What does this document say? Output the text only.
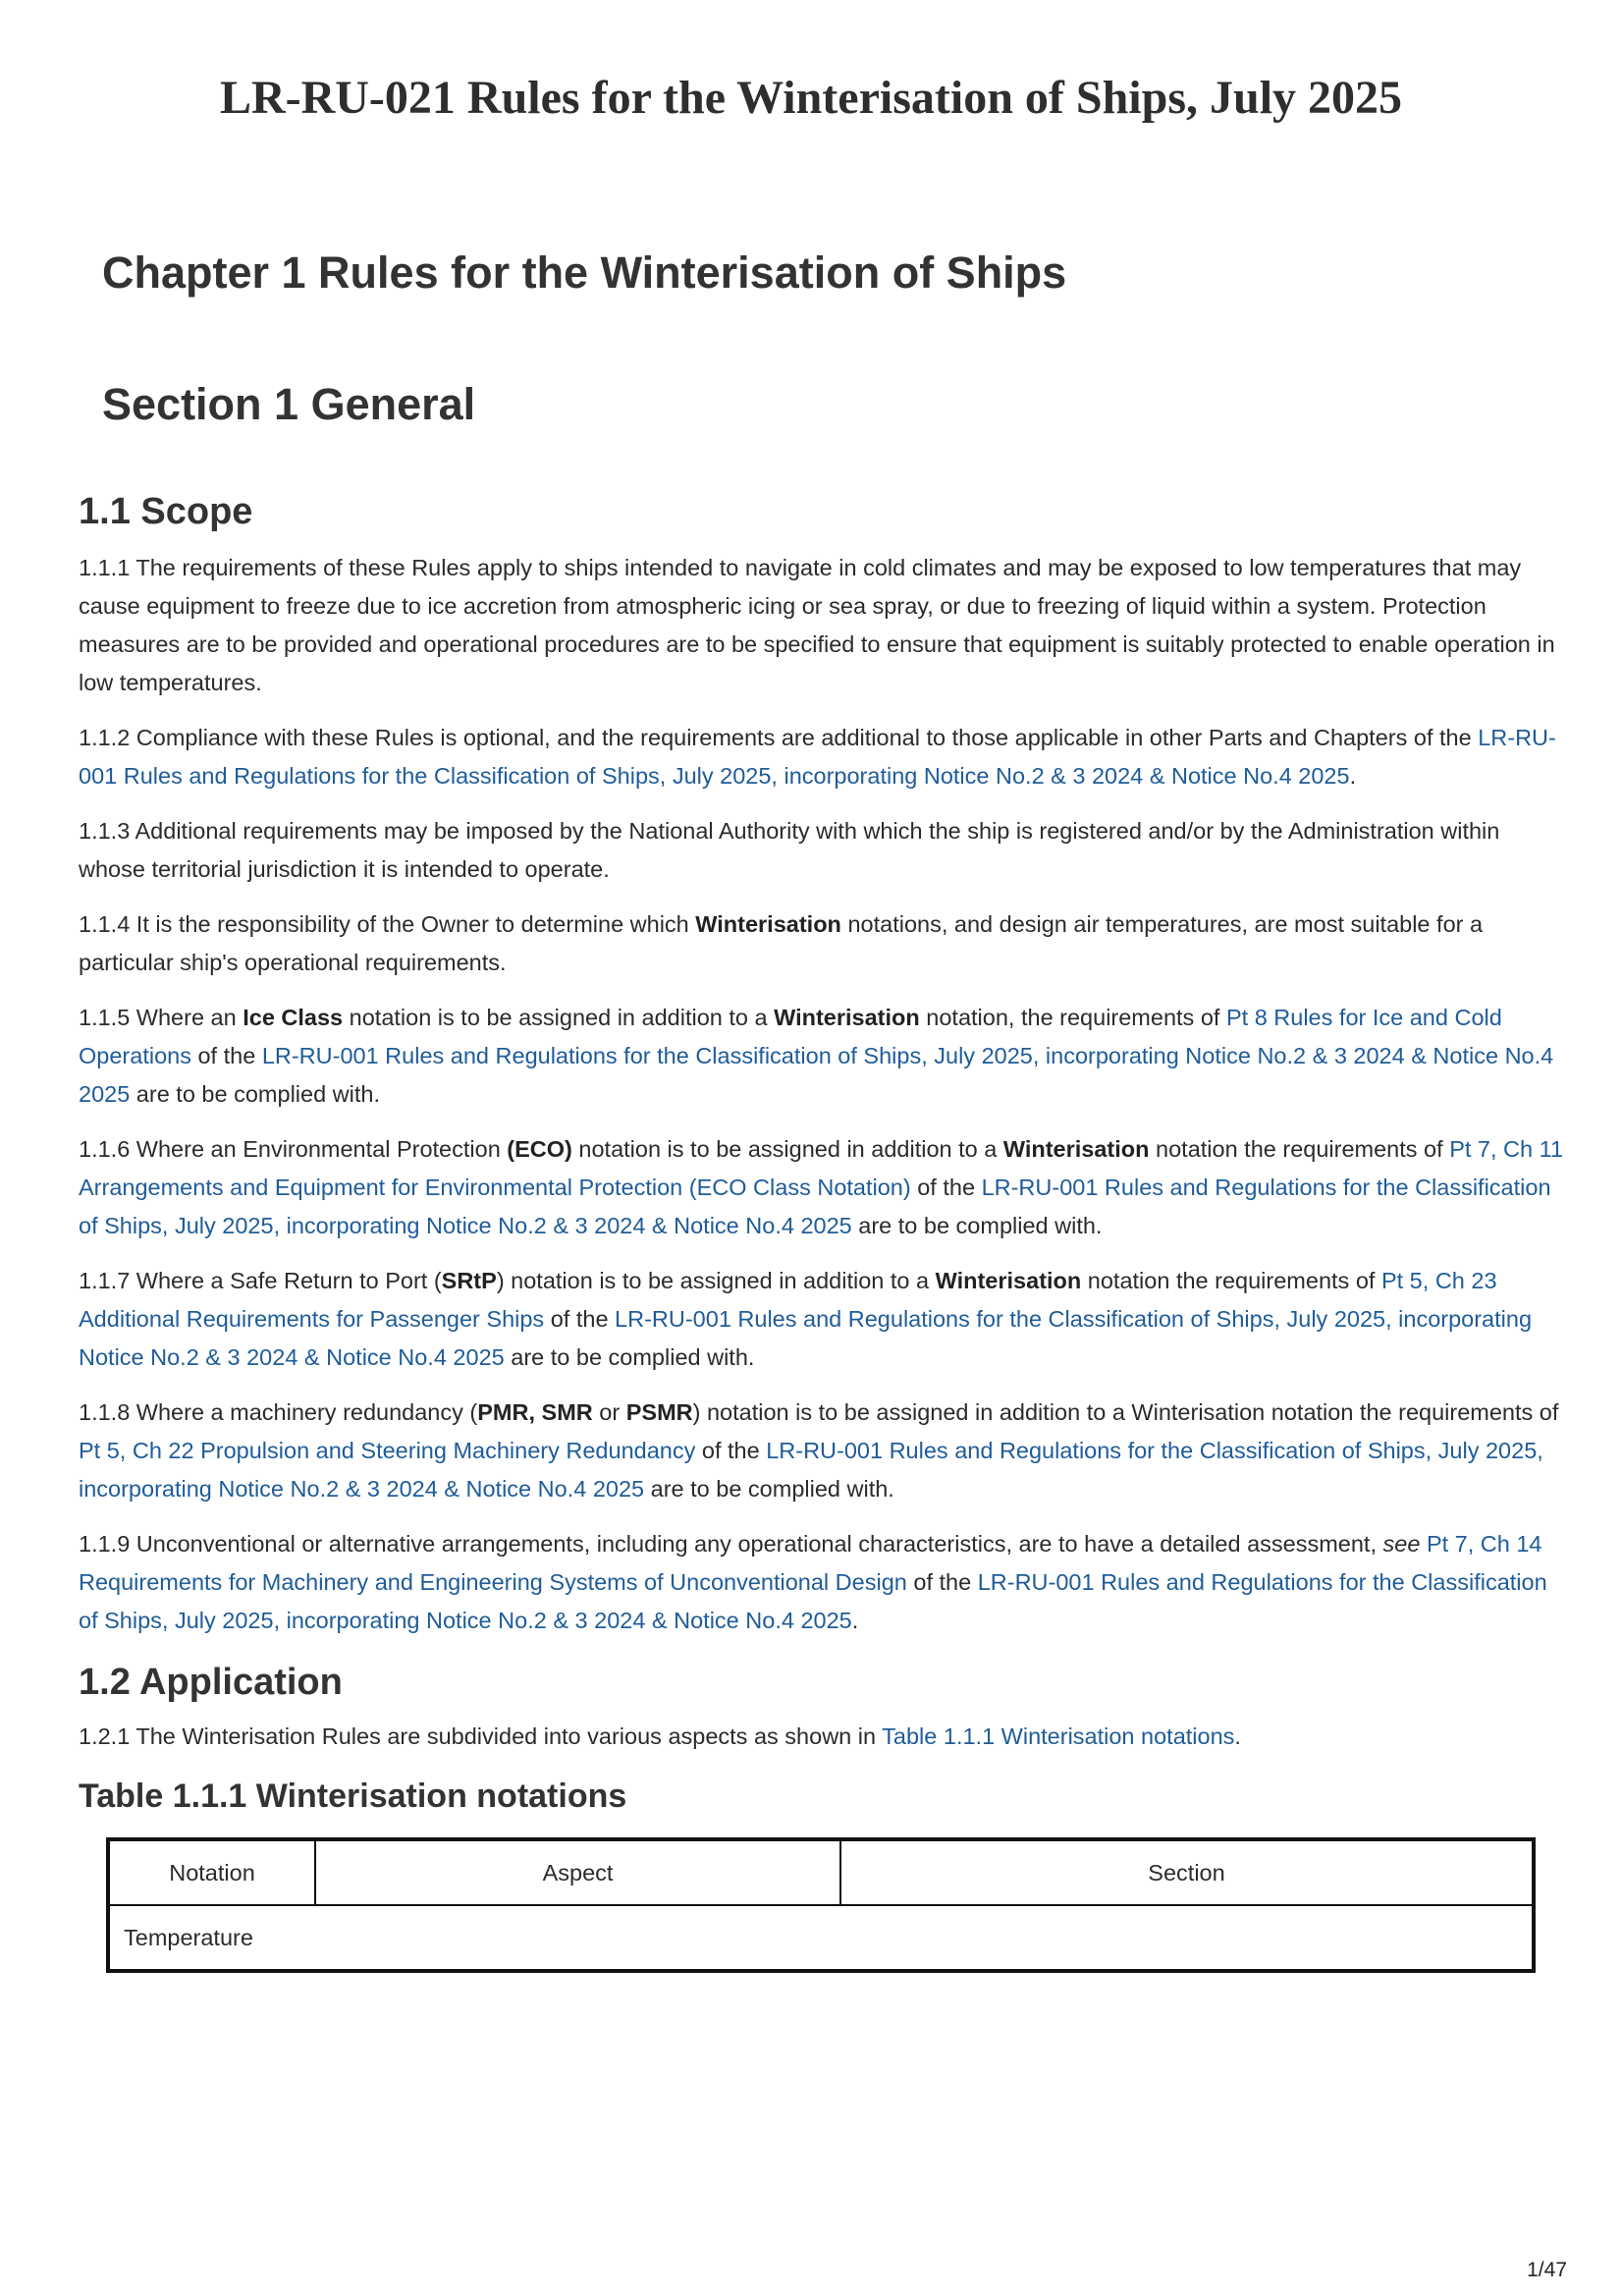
LR-RU-021 Rules for the Winterisation of Ships, July 2025
Chapter 1 Rules for the Winterisation of Ships
Section 1 General
1.1 Scope

1.1.1 The requirements of these Rules apply to ships intended to navigate in cold climates and may be exposed to low temperatures that may cause equipment to freeze due to ice accretion from atmospheric icing or sea spray, or due to freezing of liquid within a system. Protection measures are to be provided and operational procedures are to be specified to ensure that equipment is suitably protected to enable operation in low temperatures.

1.1.2 Compliance with these Rules is optional, and the requirements are additional to those applicable in other Parts and Chapters of the LR-RU-001 Rules and Regulations for the Classification of Ships, July 2025, incorporating Notice No.2 & 3 2024 & Notice No.4 2025.

1.1.3 Additional requirements may be imposed by the National Authority with which the ship is registered and/or by the Administration within whose territorial jurisdiction it is intended to operate.

1.1.4 It is the responsibility of the Owner to determine which Winterisation notations, and design air temperatures, are most suitable for a particular ship's operational requirements.

1.1.5 Where an Ice Class notation is to be assigned in addition to a Winterisation notation, the requirements of Pt 8 Rules for Ice and Cold Operations of the LR-RU-001 Rules and Regulations for the Classification of Ships, July 2025, incorporating Notice No.2 & 3 2024 & Notice No.4 2025 are to be complied with.

1.1.6 Where an Environmental Protection (ECO) notation is to be assigned in addition to a Winterisation notation the requirements of Pt 7, Ch 11 Arrangements and Equipment for Environmental Protection (ECO Class Notation) of the LR-RU-001 Rules and Regulations for the Classification of Ships, July 2025, incorporating Notice No.2 & 3 2024 & Notice No.4 2025 are to be complied with.

1.1.7 Where a Safe Return to Port (SRtP) notation is to be assigned in addition to a Winterisation notation the requirements of Pt 5, Ch 23 Additional Requirements for Passenger Ships of the LR-RU-001 Rules and Regulations for the Classification of Ships, July 2025, incorporating Notice No.2 & 3 2024 & Notice No.4 2025 are to be complied with.

1.1.8 Where a machinery redundancy (PMR, SMR or PSMR) notation is to be assigned in addition to a Winterisation notation the requirements of Pt 5, Ch 22 Propulsion and Steering Machinery Redundancy of the LR-RU-001 Rules and Regulations for the Classification of Ships, July 2025, incorporating Notice No.2 & 3 2024 & Notice No.4 2025 are to be complied with.

1.1.9 Unconventional or alternative arrangements, including any operational characteristics, are to have a detailed assessment, see Pt 7, Ch 14 Requirements for Machinery and Engineering Systems of Unconventional Design of the LR-RU-001 Rules and Regulations for the Classification of Ships, July 2025, incorporating Notice No.2 & 3 2024 & Notice No.4 2025.

1.2 Application

1.2.1 The Winterisation Rules are subdivided into various aspects as shown in Table 1.1.1 Winterisation notations.

Table 1.1.1 Winterisation notations
Notation	Aspect	Section
Temperature
1/47
